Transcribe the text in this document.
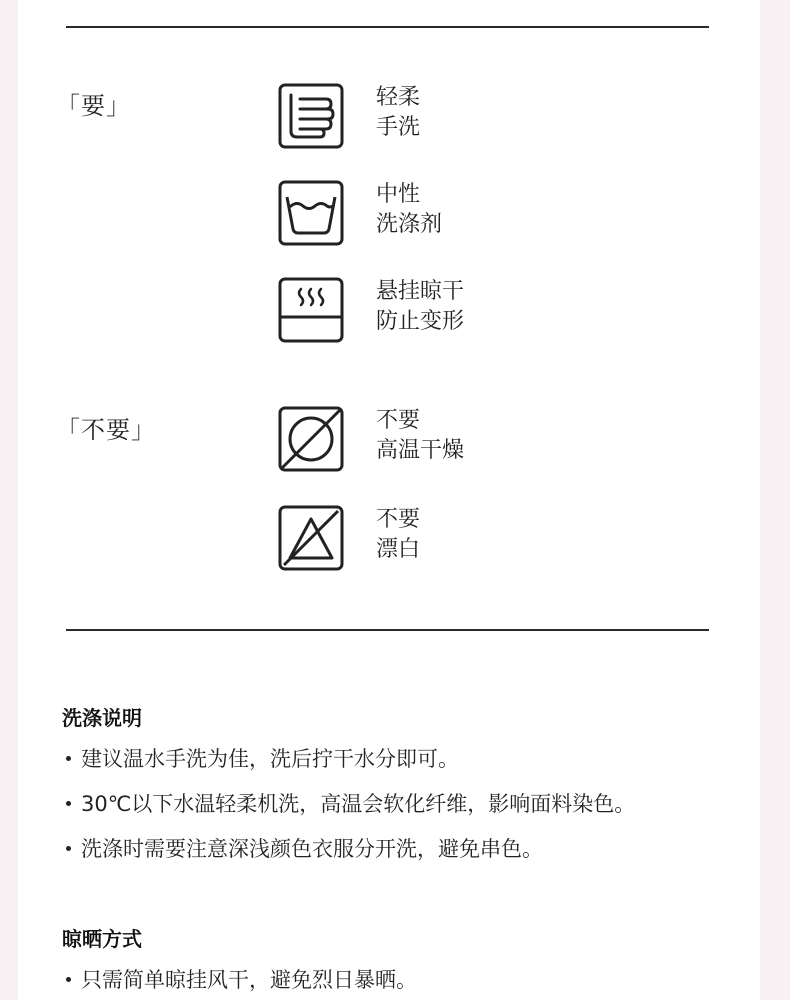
「要」	轻柔
手洗
中性
洗涤剂
悬挂晾干
防止变形
「不要」	不要
高温干燥
不要
漂白
洗涤说明
建议温水手洗为佳，洗后拧干水分即可。
30℃以下水温轻柔机洗，高温会软化纤维，影响面料染色。
洗涤时需要注意深浅颜色衣服分开洗，避免串色。
晾晒方式
只需简单晾挂风干，避免烈日暴晒。
